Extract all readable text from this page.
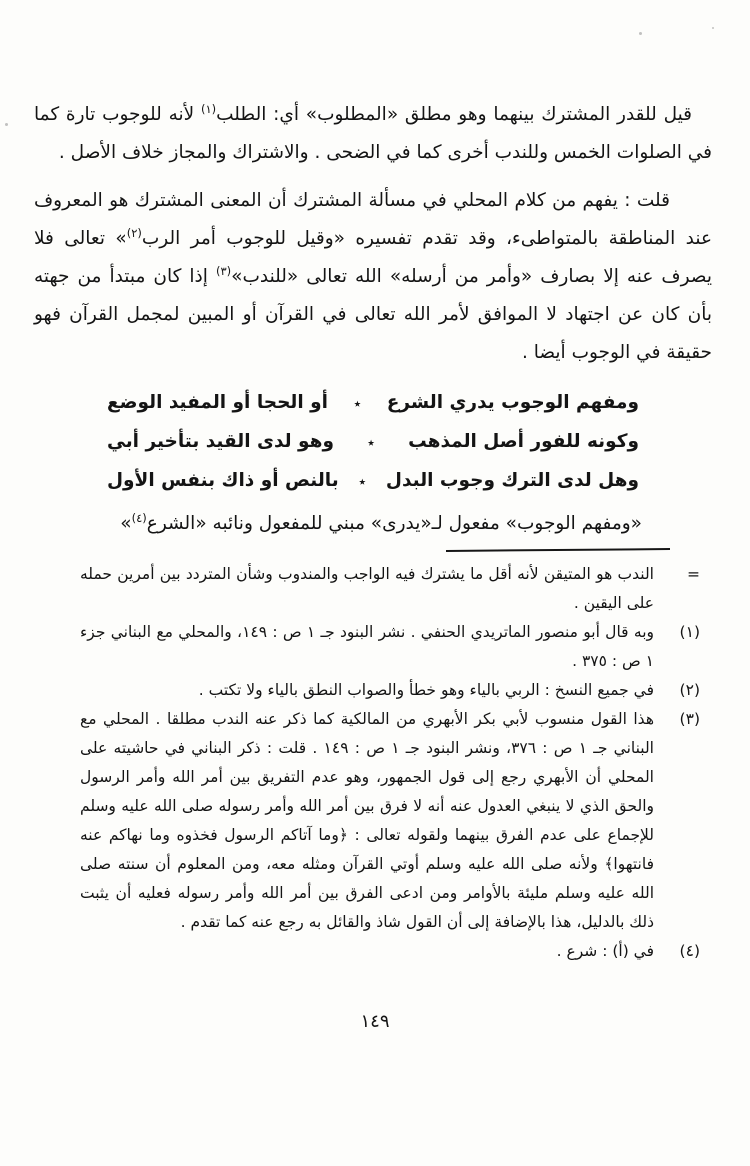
قيل للقدر المشترك بينهما وهو مطلق «المطلوب» أي: الطلب$^{(١)}$ لأنه للوجوب تارة كما في الصلوات الخمس وللندب أخرى كما في الضحى . والاشتراك والمجاز خلاف الأصل .

قلت : يفهم من كلام المحلي في مسألة المشترك أن المعنى المشترك هو المعروف عند المناطقة بالمتواطىء، وقد تقدم تفسيره «وقيل للوجوب أمر الرب$^{(٢)}$» تعالى فلا يصرف عنه إلا بصارف «وأمر من أرسله» الله تعالى «للندب»$^{(٣)}$ إذا كان مبتدأ من جهته بأن كان عن اجتهاد لا الموافق لأمر الله تعالى في القرآن أو المبين لمجمل القرآن فهو حقيقة في الوجوب أيضا .

ومفهم الوجوب يدري الشرع
٭
أو الحجا أو المفيد الوضع
وكونه للفور أصل المذهب
٭
وهو لدى القيد بتأخير أبي
وهل لدى الترك وجوب البدل
٭
بالنص أو ذاك بنفس الأول

«ومفهم الوجوب» مفعول لـ«يدرى» مبني للمفعول ونائبه «الشرع$^{(٤)}$»

=
الندب هو المتيقن لأنه أقل ما يشترك فيه الواجب والمندوب وشأن المتردد بين أمرين حمله على اليقين .
(١)
وبه قال أبو منصور الماتريدي الحنفي . نشر البنود جـ ١ ص : ١٤٩، والمحلي مع البناني جزء ١ ص : ٣٧٥ .
(٢)
في جميع النسخ : الربي بالياء وهو خطأ والصواب النطق بالياء ولا تكتب .
(٣)
هذا القول منسوب لأبي بكر الأبهري من المالكية كما ذكر عنه الندب مطلقا . المحلي مع البناني جـ ١ ص : ٣٧٦، ونشر البنود جـ ١ ص : ١٤٩ . قلت : ذكر البناني في حاشيته على المحلي أن الأبهري رجع إلى قول الجمهور، وهو عدم التفريق بين أمر الله وأمر الرسول والحق الذي لا ينبغي العدول عنه أنه لا فرق بين أمر الله وأمر رسوله صلى الله عليه وسلم للإجماع على عدم الفرق بينهما ولقوله تعالى : ﴿وما آتاكم الرسول فخذوه وما نهاكم عنه فانتهوا﴾ ولأنه صلى الله عليه وسلم أوتي القرآن ومثله معه، ومن المعلوم أن سنته صلى الله عليه وسلم مليئة بالأوامر ومن ادعى الفرق بين أمر الله وأمر رسوله فعليه أن يثبت ذلك بالدليل، هذا بالإضافة إلى أن القول شاذ والقائل به رجع عنه كما تقدم .
(٤)
في (أ) : شرع .
١٤٩
